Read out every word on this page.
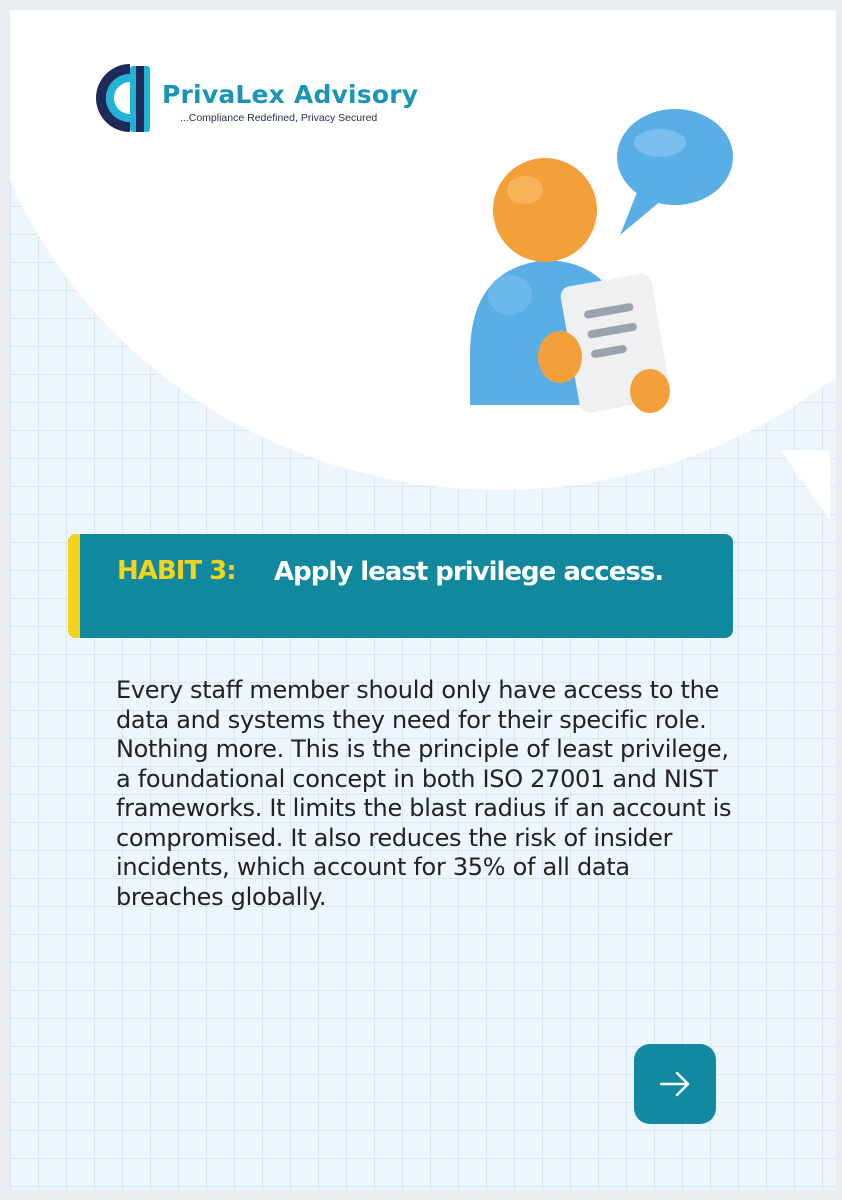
PrivaLex Advisory
...Compliance Redefined, Privacy Secured
HABIT 3: Apply least privilege access.
Every staff member should only have access to the data and systems they need for their specific role. Nothing more. This is the principle of least privilege, a foundational concept in both ISO 27001 and NIST frameworks. It limits the blast radius if an account is compromised. It also reduces the risk of insider incidents, which account for 35% of all data breaches globally.
